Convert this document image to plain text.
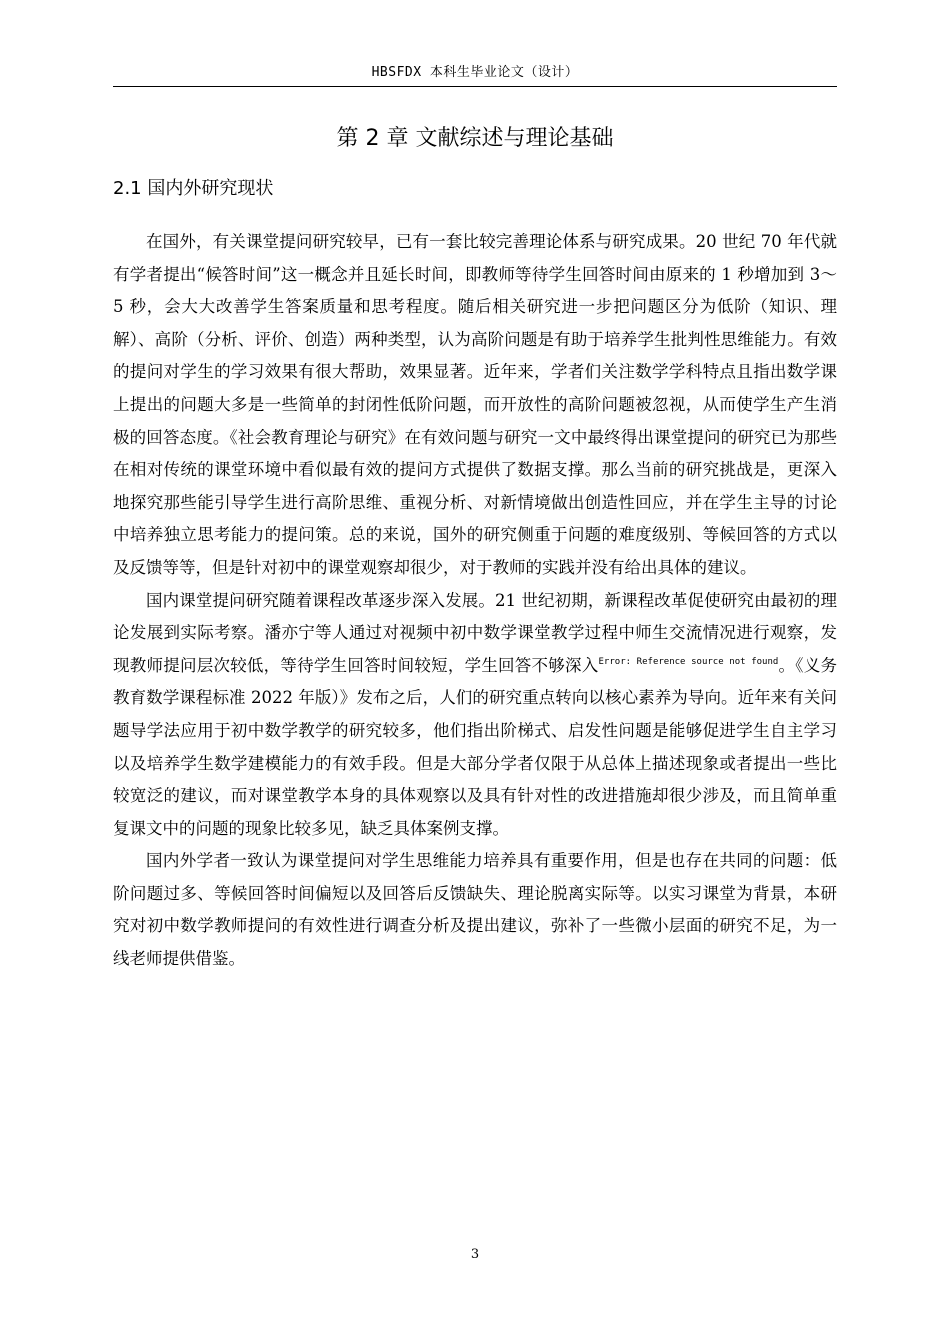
HBSFDX 本科生毕业论文（设计）
第 2 章 文献综述与理论基础
2.1 国内外研究现状

在国外，有关课堂提问研究较早，已有一套比较完善理论体系与研究成果。20 世纪 70 年代就有学者提出“候答时间”这一概念并且延长时间，即教师等待学生回答时间由原来的 1 秒增加到 3～5 秒，会大大改善学生答案质量和思考程度。随后相关研究进一步把问题区分为低阶（知识、理解）、高阶（分析、评价、创造）两种类型，认为高阶问题是有助于培养学生批判性思维能力。有效的提问对学生的学习效果有很大帮助，效果显著。近年来，学者们关注数学学科特点且指出数学课上提出的问题大多是一些简单的封闭性低阶问题，而开放性的高阶问题被忽视，从而使学生产生消极的回答态度。《社会教育理论与研究》在有效问题与研究一文中最终得出课堂提问的研究已为那些在相对传统的课堂环境中看似最有效的提问方式提供了数据支撑。那么当前的研究挑战是，更深入地探究那些能引导学生进行高阶思维、重视分析、对新情境做出创造性回应，并在学生主导的讨论中培养独立思考能力的提问策。总的来说，国外的研究侧重于问题的难度级别、等候回答的方式以及反馈等等，但是针对初中的课堂观察却很少，对于教师的实践并没有给出具体的建议。

国内课堂提问研究随着课程改革逐步深入发展。21 世纪初期，新课程改革促使研究由最初的理论发展到实际考察。潘亦宁等人通过对视频中初中数学课堂教学过程中师生交流情况进行观察，发现教师提问层次较低，等待学生回答时间较短，学生回答不够深入$^{Error: Reference source not found}$。《义务教育数学课程标准 2022 年版）》发布之后，人们的研究重点转向以核心素养为导向。近年来有关问题导学法应用于初中数学教学的研究较多，他们指出阶梯式、启发性问题是能够促进学生自主学习以及培养学生数学建模能力的有效手段。但是大部分学者仅限于从总体上描述现象或者提出一些比较宽泛的建议，而对课堂教学本身的具体观察以及具有针对性的改进措施却很少涉及，而且简单重复课文中的问题的现象比较多见，缺乏具体案例支撑。

国内外学者一致认为课堂提问对学生思维能力培养具有重要作用，但是也存在共同的问题：低阶问题过多、等候回答时间偏短以及回答后反馈缺失、理论脱离实际等。以实习课堂为背景，本研究对初中数学教师提问的有效性进行调查分析及提出建议，弥补了一些微小层面的研究不足，为一线老师提供借鉴。

3
